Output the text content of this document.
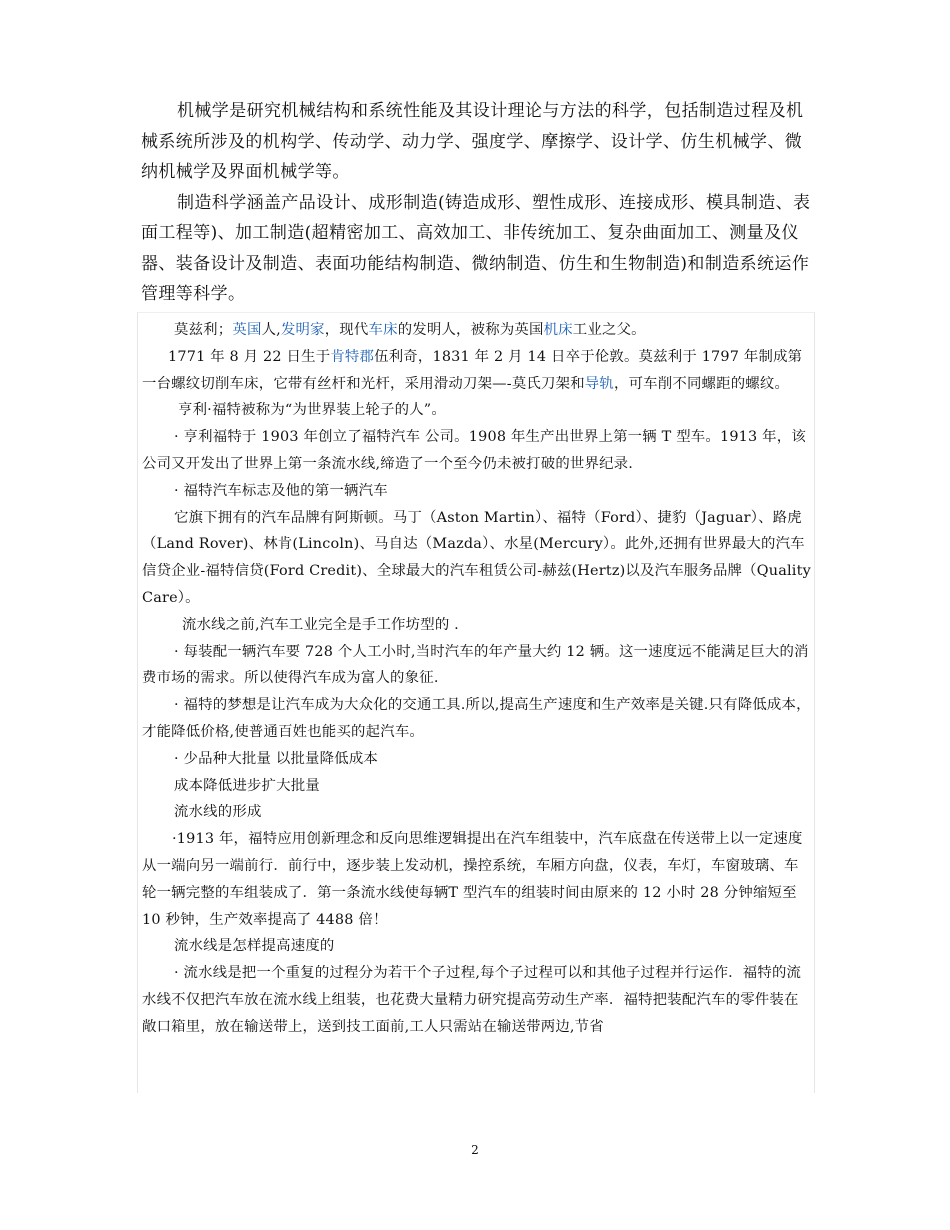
机械学是研究机械结构和系统性能及其设计理论与方法的科学，包括制造过程及机械系统所涉及的机构学、传动学、动力学、强度学、摩擦学、设计学、仿生机械学、微纳机械学及界面机械学等。

制造科学涵盖产品设计、成形制造(铸造成形、塑性成形、连接成形、模具制造、表面工程等)、加工制造(超精密加工、高效加工、非传统加工、复杂曲面加工、测量及仪器、装备设计及制造、表面功能结构制造、微纳制造、仿生和生物制造)和制造系统运作管理等科学。

莫兹利；英国人,发明家，现代车床的发明人，被称为英国机床工业之父。

1771 年 8 月 22 日生于肯特郡伍利奇，1831 年 2 月 14 日卒于伦敦。莫兹利于 1797 年制成第一台螺纹切削车床，它带有丝杆和光杆，采用滑动刀架—-莫氏刀架和导轨，可车削不同螺距的螺纹。

亨利·福特被称为“为世界装上轮子的人”。

· 亨利福特于 1903 年创立了福特汽车 公司。1908 年生产出世界上第一辆 T 型车。1913 年，该公司又开发出了世界上第一条流水线,缔造了一个至今仍未被打破的世界纪录.

· 福特汽车标志及他的第一辆汽车

它旗下拥有的汽车品牌有阿斯顿。马丁（Aston Martin）、福特（Ford）、捷豹（Jaguar）、路虎（Land Rover)、林肯(Lincoln)、马自达（Mazda）、水星(Mercury）。此外,还拥有世界最大的汽车信贷企业-福特信贷(Ford Credit)、全球最大的汽车租赁公司-赫兹(Hertz)以及汽车服务品牌（Quality Care）。

流水线之前,汽车工业完全是手工作坊型的 .

· 每装配一辆汽车要 728 个人工小时,当时汽车的年产量大约 12 辆。这一速度远不能满足巨大的消费市场的需求。所以使得汽车成为富人的象征.

· 福特的梦想是让汽车成为大众化的交通工具.所以,提高生产速度和生产效率是关键.只有降低成本，才能降低价格,使普通百姓也能买的起汽车。

· 少品种大批量 以批量降低成本

成本降低进步扩大批量

流水线的形成

·1913 年，福特应用创新理念和反向思维逻辑提出在汽车组装中，汽车底盘在传送带上以一定速度从一端向另一端前行．前行中，逐步装上发动机，操控系统，车厢方向盘，仪表，车灯，车窗玻璃、车轮一辆完整的车组装成了．第一条流水线使每辆T 型汽车的组装时间由原来的 12 小时 28 分钟缩短至 10 秒钟，生产效率提高了 4488 倍！

流水线是怎样提高速度的

· 流水线是把一个重复的过程分为若干个子过程,每个子过程可以和其他子过程并行运作．福特的流水线不仅把汽车放在流水线上组装，也花费大量精力研究提高劳动生产率．福特把装配汽车的零件装在敞口箱里，放在输送带上，送到技工面前,工人只需站在输送带两边,节省

2
